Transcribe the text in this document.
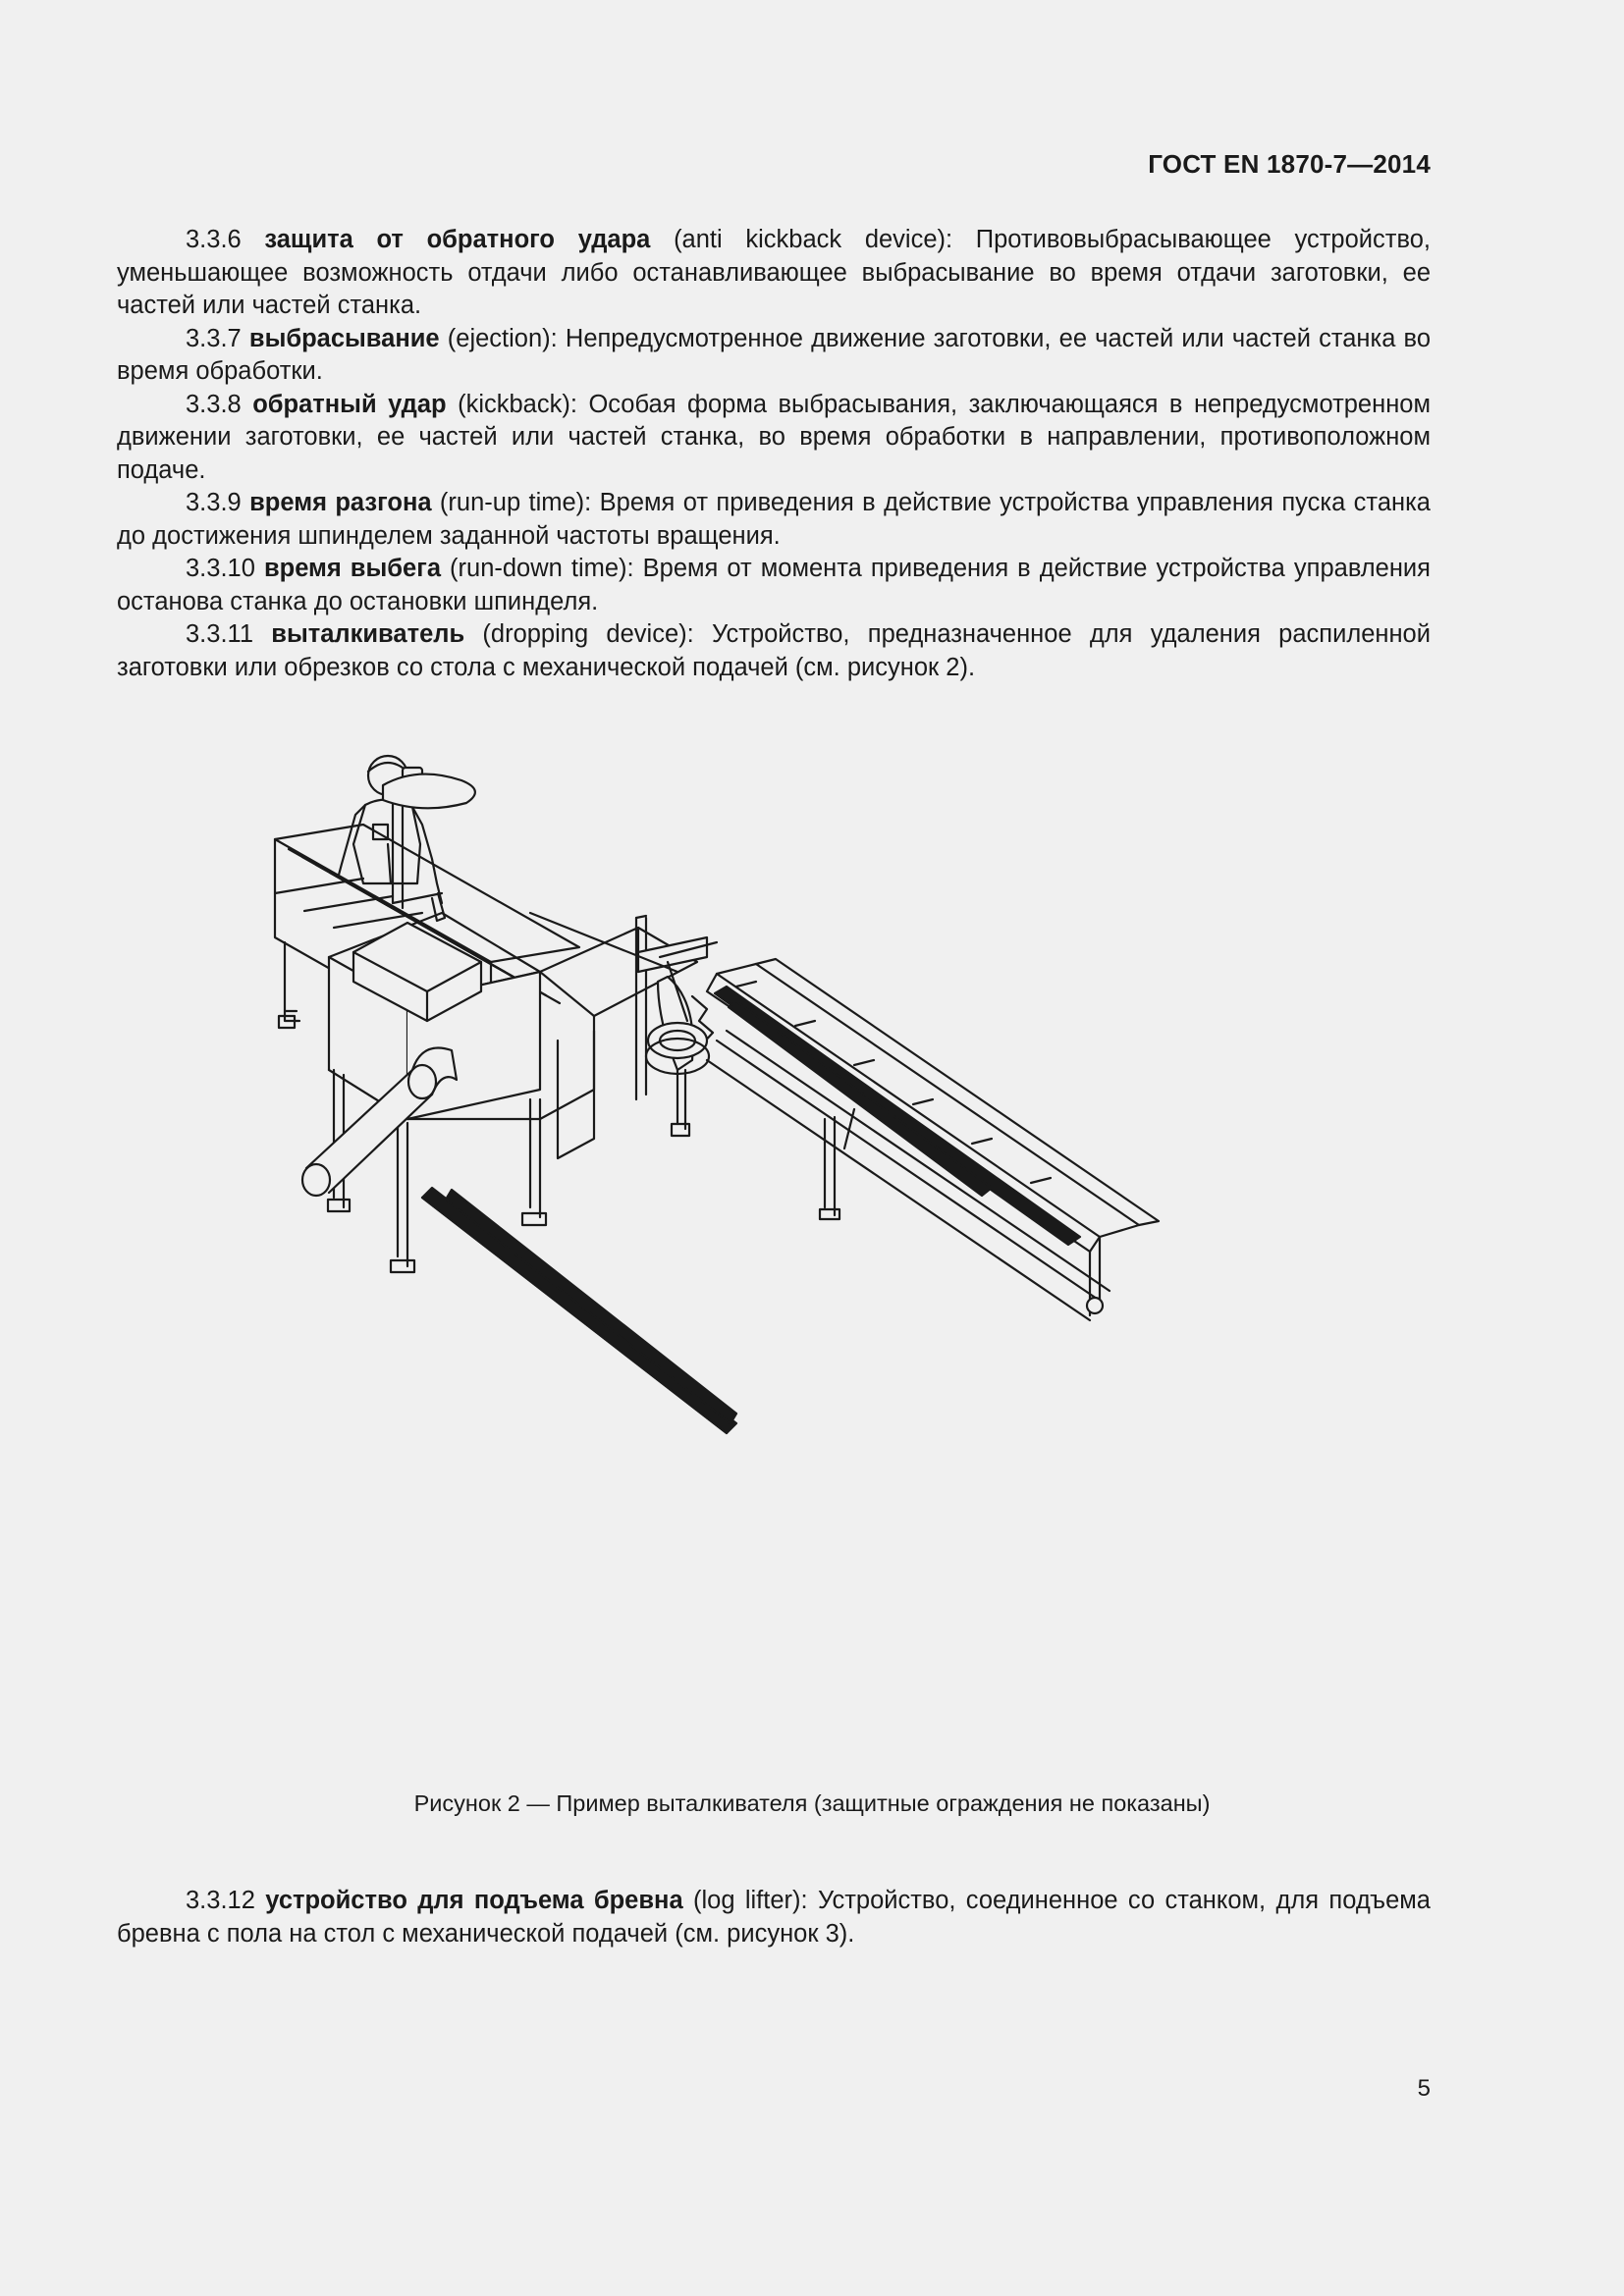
ГОСТ EN 1870-7—2014

3.3.6 защита от обратного удара (anti kickback device): Противовыбрасывающее устройство, уменьшающее возможность отдачи либо останавливающее выбрасывание во время отдачи заготовки, ее частей или частей станка.

3.3.7 выбрасывание (ejection): Непредусмотренное движение заготовки, ее частей или частей станка во время обработки.

3.3.8 обратный удар (kickback): Особая форма выбрасывания, заключающаяся в непредусмотренном движении заготовки, ее частей или частей станка, во время обработки в направлении, противоположном подаче.

3.3.9 время разгона (run-up time): Время от приведения в действие устройства управления пуска станка до достижения шпинделем заданной частоты вращения.

3.3.10 время выбега (run-down time): Время от момента приведения в действие устройства управления останова станка до остановки шпинделя.

3.3.11 выталкиватель (dropping device): Устройство, предназначенное для удаления распиленной заготовки или обрезков со стола с механической подачей (см. рисунок 2).

Рисунок 2 — Пример выталкивателя (защитные ограждения не показаны)

3.3.12 устройство для подъема бревна (log lifter): Устройство, соединенное со станком, для подъема бревна с пола на стол с механической подачей (см. рисунок 3).

5
